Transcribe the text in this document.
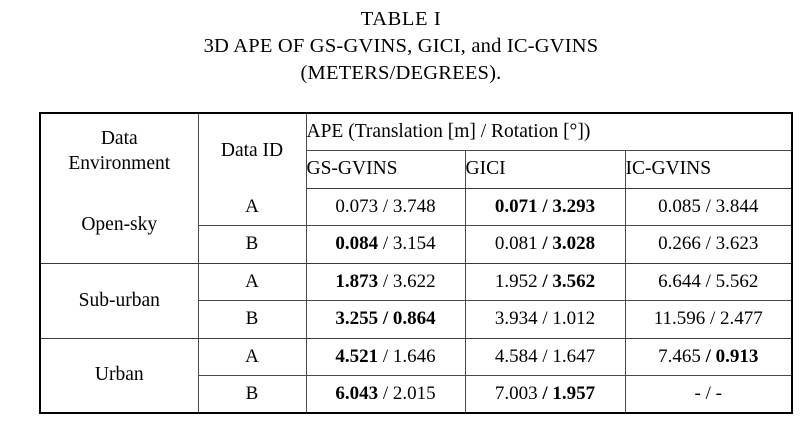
TABLE I
3D APE OF GS-GVINS, GICI, and IC-GVINS
(METERS/DEGREES).
Data
Environment	Data ID	APE (Translation [m] / Rotation [°])		
		GS-GVINS	GICI	IC-GVINS
Open-sky	A	0.073 / 3.748	0.071 / 3.293	0.085 / 3.844
	B	0.084 / 3.154	0.081 / 3.028	0.266 / 3.623
Sub-urban	A	1.873 / 3.622	1.952 / 3.562	6.644 / 5.562
	B	3.255 / 0.864	3.934 / 1.012	11.596 / 2.477
Urban	A	4.521 / 1.646	4.584 / 1.647	7.465 / 0.913
	B	6.043 / 2.015	7.003 / 1.957	- / -
